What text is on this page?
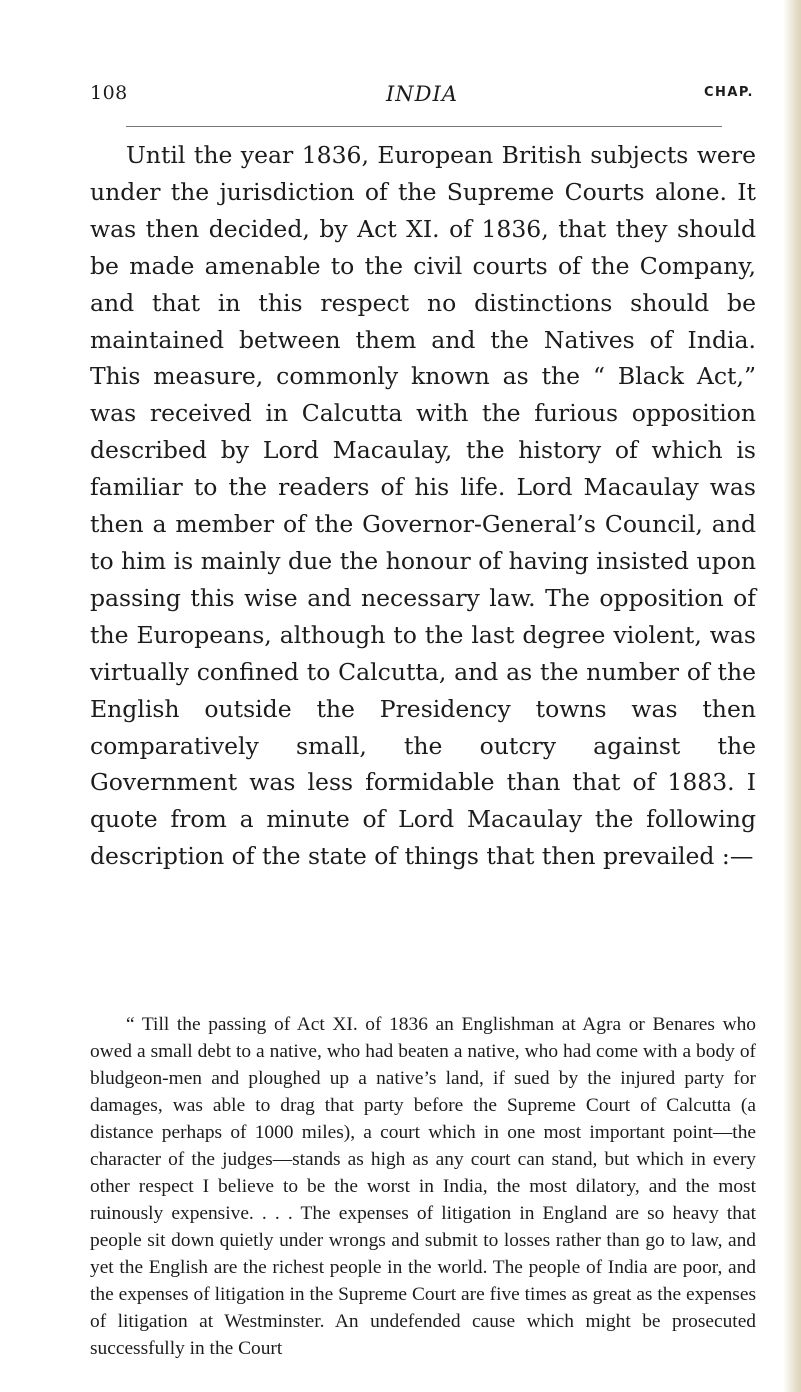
108	INDIA	CHAP.

Until the year 1836, European British subjects were under the jurisdiction of the Supreme Courts alone. It was then decided, by Act XI. of 1836, that they should be made amenable to the civil courts of the Company, and that in this respect no distinctions should be maintained between them and the Natives of India. This measure, commonly known as the “ Black Act,” was received in Calcutta with the furious opposition described by Lord Macaulay, the history of which is familiar to the readers of his life. Lord Macaulay was then a member of the Governor-General’s Council, and to him is mainly due the honour of having insisted upon passing this wise and necessary law. The opposition of the Europeans, although to the last degree violent, was virtually confined to Calcutta, and as the number of the English outside the Presidency towns was then comparatively small, the outcry against the Government was less formidable than that of 1883. I quote from a minute of Lord Macaulay the following description of the state of things that then prevailed :—

“ Till the passing of Act XI. of 1836 an Englishman at Agra or Benares who owed a small debt to a native, who had beaten a native, who had come with a body of bludgeon-men and ploughed up a native’s land, if sued by the injured party for damages, was able to drag that party before the Supreme Court of Calcutta (a distance perhaps of 1000 miles), a court which in one most important point—the character of the judges—stands as high as any court can stand, but which in every other respect I believe to be the worst in India, the most dilatory, and the most ruinously expensive. . . . The expenses of litigation in England are so heavy that people sit down quietly under wrongs and submit to losses rather than go to law, and yet the English are the richest people in the world. The people of India are poor, and the expenses of litigation in the Supreme Court are five times as great as the expenses of litigation at Westminster. An undefended cause which might be prosecuted successfully in the Court
